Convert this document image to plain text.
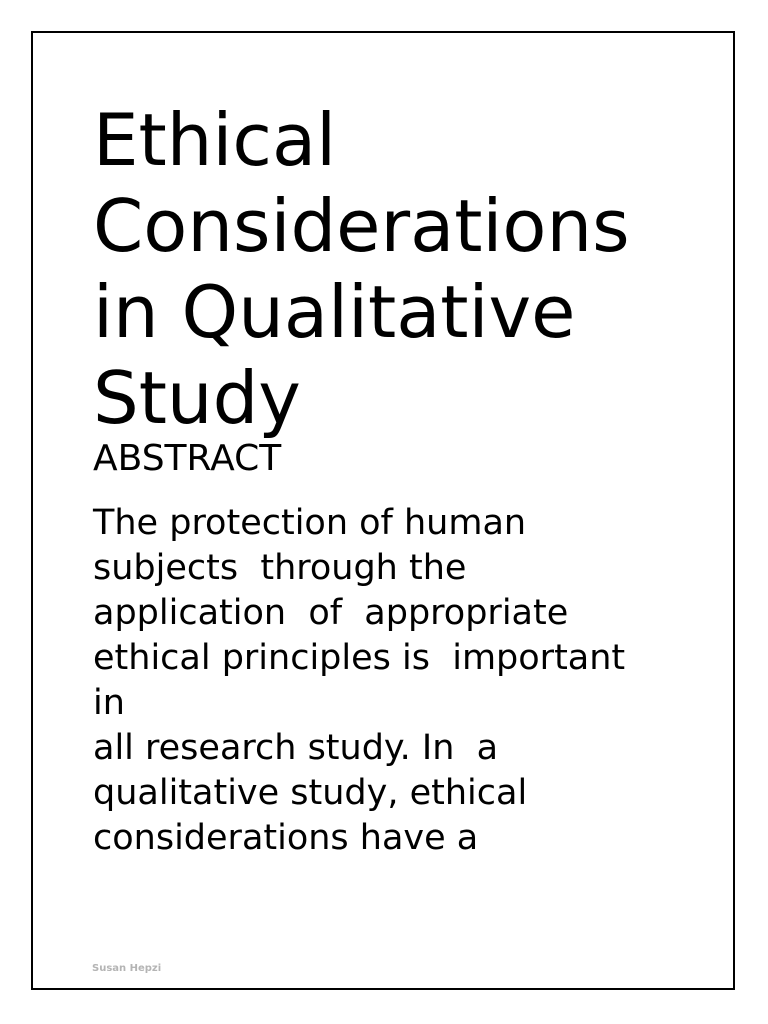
Ethical
Considerations
in Qualitative
Study
ABSTRACT
The protection of human
subjects  through the
application  of  appropriate
ethical principles is  important
in
all research study. In  a
qualitative study, ethical
considerations have a
Susan Hepzi
